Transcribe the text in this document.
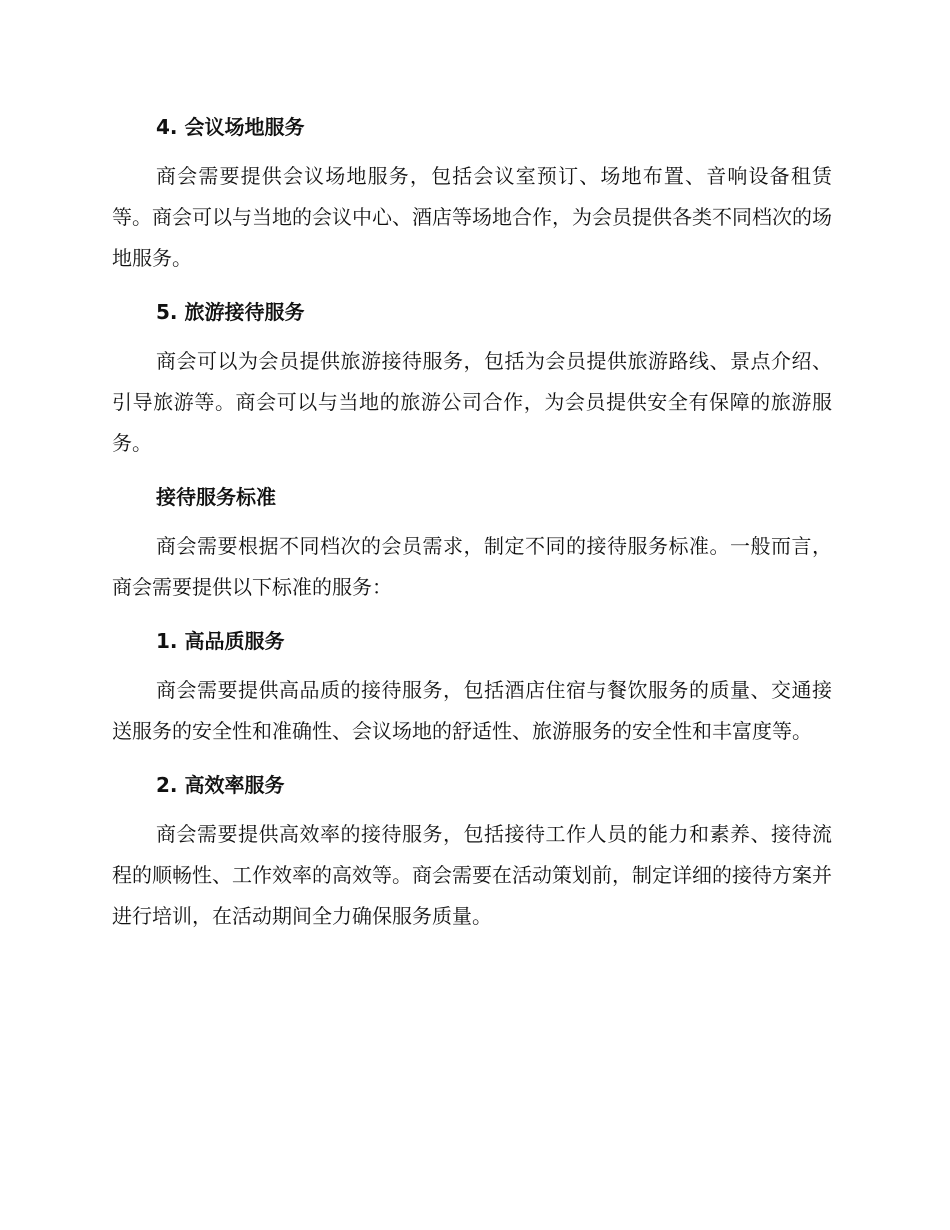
4. 会议场地服务

商会需要提供会议场地服务，包括会议室预订、场地布置、音响设备租赁等。商会可以与当地的会议中心、酒店等场地合作，为会员提供各类不同档次的场地服务。

5. 旅游接待服务

商会可以为会员提供旅游接待服务，包括为会员提供旅游路线、景点介绍、引导旅游等。商会可以与当地的旅游公司合作，为会员提供安全有保障的旅游服务。

接待服务标准

商会需要根据不同档次的会员需求，制定不同的接待服务标准。一般而言，商会需要提供以下标准的服务：

1. 高品质服务

商会需要提供高品质的接待服务，包括酒店住宿与餐饮服务的质量、交通接送服务的安全性和准确性、会议场地的舒适性、旅游服务的安全性和丰富度等。

2. 高效率服务

商会需要提供高效率的接待服务，包括接待工作人员的能力和素养、接待流程的顺畅性、工作效率的高效等。商会需要在活动策划前，制定详细的接待方案并进行培训，在活动期间全力确保服务质量。
